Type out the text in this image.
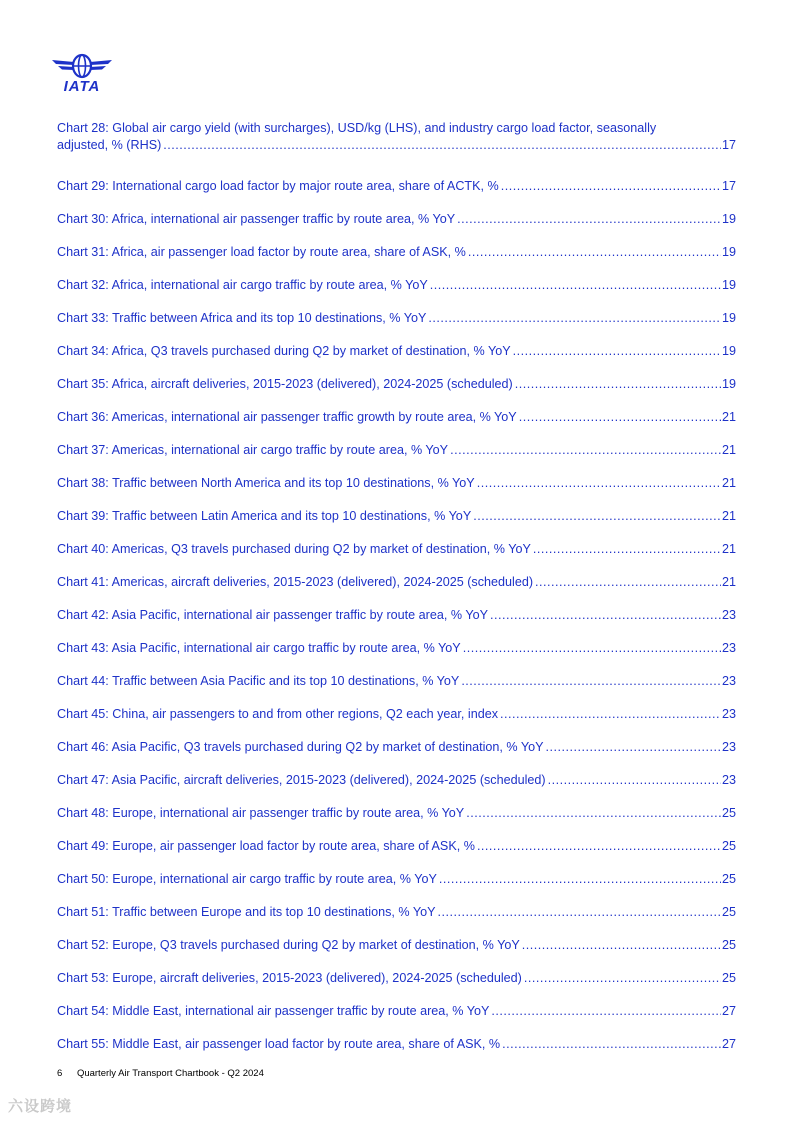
IATA
Chart 28: Global air cargo yield (with surcharges), USD/kg (LHS), and industry cargo load factor, seasonally
adjusted, % (RHS) .....	17
Chart 29: International cargo load factor by major route area, share of ACTK, % .....	17
Chart 30: Africa, international air passenger traffic by route area, % YoY .....	19
Chart 31: Africa, air passenger load factor by route area, share of ASK, % .....	19
Chart 32: Africa, international air cargo traffic by route area, % YoY .....	19
Chart 33: Traffic between Africa and its top 10 destinations, % YoY .....	19
Chart 34: Africa, Q3 travels purchased during Q2 by market of destination, % YoY .....	19
Chart 35: Africa, aircraft deliveries, 2015-2023 (delivered), 2024-2025 (scheduled) .....	19
Chart 36: Americas, international air passenger traffic growth by route area, % YoY .....	21
Chart 37: Americas, international air cargo traffic by route area, % YoY .....	21
Chart 38: Traffic between North America and its top 10 destinations, % YoY .....	21
Chart 39: Traffic between Latin America and its top 10 destinations, % YoY .....	21
Chart 40: Americas, Q3 travels purchased during Q2 by market of destination, % YoY .....	21
Chart 41: Americas, aircraft deliveries, 2015-2023 (delivered), 2024-2025 (scheduled) .....	21
Chart 42: Asia Pacific, international air passenger traffic by route area, % YoY .....	23
Chart 43: Asia Pacific, international air cargo traffic by route area, % YoY .....	23
Chart 44: Traffic between Asia Pacific and its top 10 destinations, % YoY .....	23
Chart 45: China, air passengers to and from other regions, Q2 each year, index .....	23
Chart 46: Asia Pacific, Q3 travels purchased during Q2 by market of destination, % YoY .....	23
Chart 47: Asia Pacific, aircraft deliveries, 2015-2023 (delivered), 2024-2025 (scheduled) .....	23
Chart 48: Europe, international air passenger traffic by route area, % YoY .....	25
Chart 49: Europe, air passenger load factor by route area, share of ASK, % .....	25
Chart 50: Europe, international air cargo traffic by route area, % YoY .....	25
Chart 51: Traffic between Europe and its top 10 destinations, % YoY .....	25
Chart 52: Europe, Q3 travels purchased during Q2 by market of destination, % YoY .....	25
Chart 53: Europe, aircraft deliveries, 2015-2023 (delivered), 2024-2025 (scheduled) .....	25
Chart 54: Middle East, international air passenger traffic by route area, % YoY .....	27
Chart 55: Middle East, air passenger load factor by route area, share of ASK, % .....	27
6 Quarterly Air Transport Chartbook - Q2 2024
六设跨境
